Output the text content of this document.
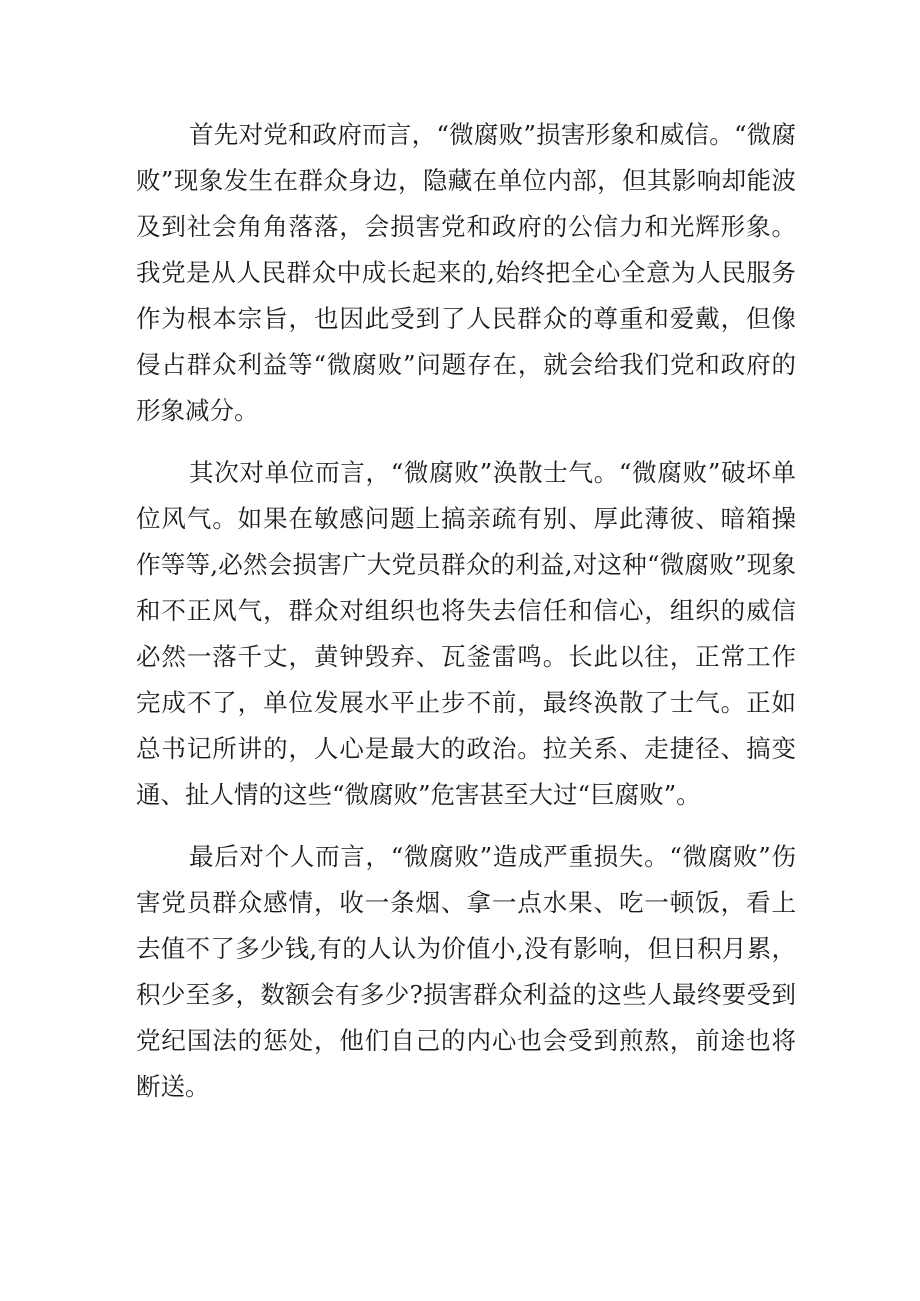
首先对党和政府而言，“微腐败”损害形象和威信。“微腐败”现象发生在群众身边，隐藏在单位内部，但其影响却能波及到社会角角落落，会损害党和政府的公信力和光辉形象。我党是从人民群众中成长起来的,始终把全心全意为人民服务作为根本宗旨，也因此受到了人民群众的尊重和爱戴，但像侵占群众利益等“微腐败”问题存在，就会给我们党和政府的形象减分。

其次对单位而言，“微腐败”涣散士气。“微腐败”破坏单位风气。如果在敏感问题上搞亲疏有别、厚此薄彼、暗箱操作等等,必然会损害广大党员群众的利益,对这种“微腐败”现象和不正风气，群众对组织也将失去信任和信心，组织的威信必然一落千丈，黄钟毁弃、瓦釜雷鸣。长此以往，正常工作完成不了，单位发展水平止步不前，最终涣散了士气。正如总书记所讲的，人心是最大的政治。拉关系、走捷径、搞变通、扯人情的这些“微腐败”危害甚至大过“巨腐败”。

最后对个人而言，“微腐败”造成严重损失。“微腐败”伤害党员群众感情，收一条烟、拿一点水果、吃一顿饭，看上去值不了多少钱,有的人认为价值小,没有影响，但日积月累，积少至多，数额会有多少?损害群众利益的这些人最终要受到党纪国法的惩处，他们自己的内心也会受到煎熬，前途也将断送。
